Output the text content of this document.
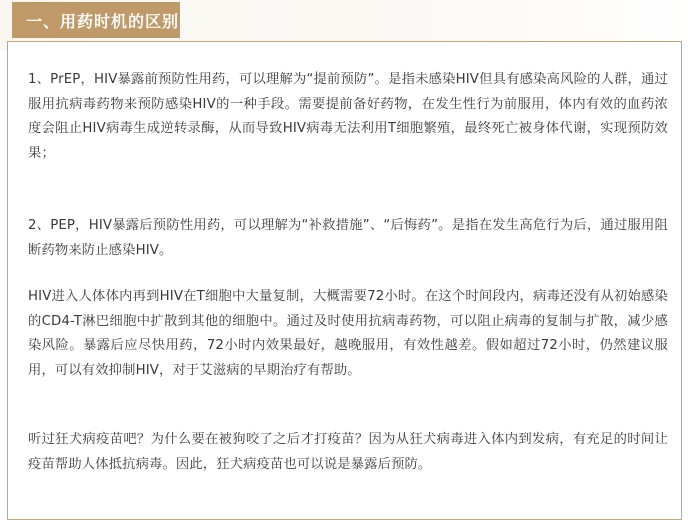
1、PrEP，HIV暴露前预防性用药，可以理解为“提前预防”。是指未感染HIV但具有感染高风险的人群，通过服用抗病毒药物来预防感染HIV的一种手段。需要提前备好药物，在发生性行为前服用，体内有效的血药浓度会阻止HIV病毒生成逆转录酶，从而导致HIV病毒无法利用T细胞繁殖，最终死亡被身体代谢，实现预防效果；

2、PEP，HIV暴露后预防性用药，可以理解为“补救措施”、“后悔药”。是指在发生高危行为后，通过服用阻断药物来防止感染HIV。

HIV进入人体体内再到HIV在T细胞中大量复制，大概需要72小时。在这个时间段内，病毒还没有从初始感染的CD4-T淋巴细胞中扩散到其他的细胞中。通过及时使用抗病毒药物，可以阻止病毒的复制与扩散，减少感染风险。暴露后应尽快用药，72小时内效果最好，越晚服用，有效性越差。假如超过72小时，仍然建议服用，可以有效抑制HIV，对于艾滋病的早期治疗有帮助。

听过狂犬病疫苗吧？为什么要在被狗咬了之后才打疫苗？因为从狂犬病毒进入体内到发病，有充足的时间让疫苗帮助人体抵抗病毒。因此，狂犬病疫苗也可以说是暴露后预防。

一、用药时机的区别
